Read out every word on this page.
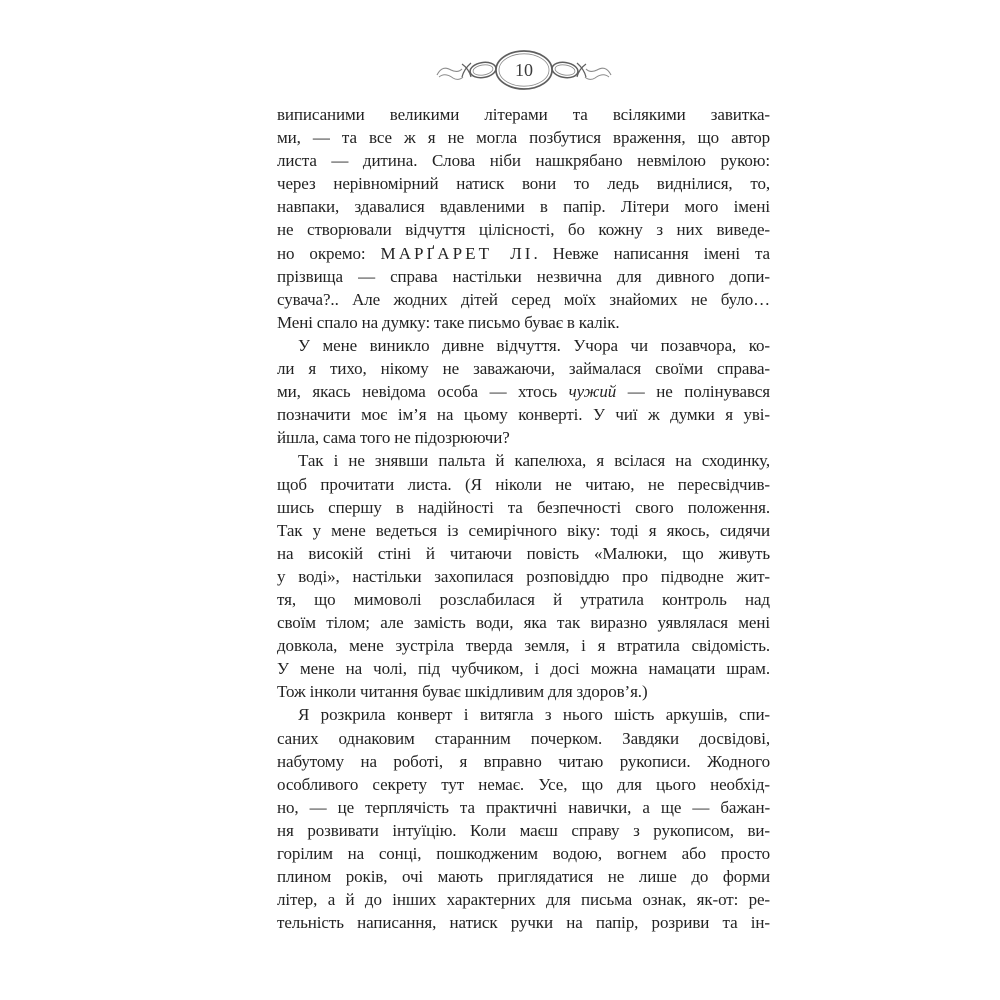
10
виписаними великими літерами та всілякими завитка-
ми, — та все ж я не могла позбутися враження, що автор
листа — дитина. Слова ніби нашкрябано невмілою рукою:
через нерівномірний натиск вони то ледь виднілися, то,
навпаки, здавалися вдавленими в папір. Літери мого імені
не створювали відчуття цілісності, бо кожну з них виведе-
но окремо: МАРҐАРЕТ ЛІ. Невже написання імені та
прізвища — справа настільки незвична для дивного допи-
сувача?.. Але жодних дітей серед моїх знайомих не було…
Мені спало на думку: таке письмо буває в калік.
У мене виникло дивне відчуття. Учора чи позавчора, ко-
ли я тихо, нікому не заважаючи, займалася своїми справа-
ми, якась невідома особа — хтось чужий — не полінувався
позначити моє ім’я на цьому конверті. У чиї ж думки я уві-
йшла, сама того не підозрюючи?
Так і не знявши пальта й капелюха, я всілася на сходинку,
щоб прочитати листа. (Я ніколи не читаю, не пересвідчив-
шись спершу в надійності та безпечності свого положення.
Так у мене ведеться із семирічного віку: тоді я якось, сидячи
на високій стіні й читаючи повість «Малюки, що живуть
у воді», настільки захопилася розповіддю про підводне жит-
тя, що мимоволі розслабилася й утратила контроль над
своїм тілом; але замість води, яка так виразно уявлялася мені
довкола, мене зустріла тверда земля, і я втратила свідомість.
У мене на чолі, під чубчиком, і досі можна намацати шрам.
Тож інколи читання буває шкідливим для здоров’я.)
Я розкрила конверт і витягла з нього шість аркушів, спи-
саних однаковим старанним почерком. Завдяки досвідові,
набутому на роботі, я вправно читаю рукописи. Жодного
особливого секрету тут немає. Усе, що для цього необхід-
но, — це терплячість та практичні навички, а ще — бажан-
ня розвивати інтуїцію. Коли маєш справу з рукописом, ви-
горілим на сонці, пошкодженим водою, вогнем або просто
плином років, очі мають приглядатися не лише до форми
літер, а й до інших характерних для письма ознак, як-от: ре-
тельність написання, натиск ручки на папір, розриви та ін-
